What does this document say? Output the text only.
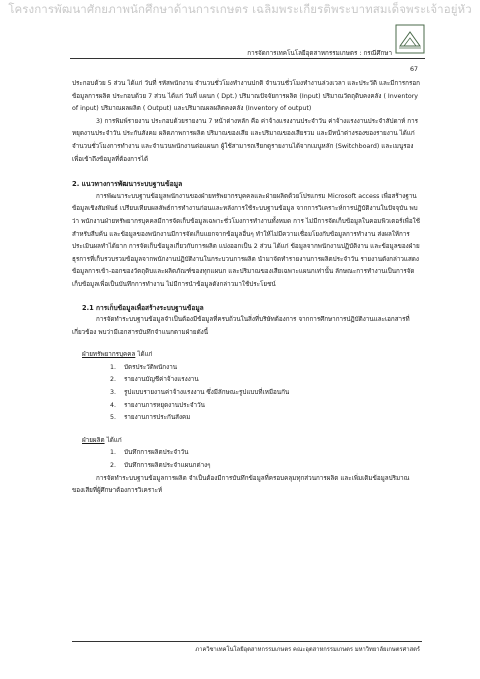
โครงการพัฒนาศักยภาพนักศึกษาด้านการเกษตร เฉลิมพระเกียรติพระบาทสมเด็จพระเจ้าอยู่หัว
การจัดการเทคโนโลยีอุตสาหกรรมเกษตร : กรณีศึกษา
67

ประกอบด้วย 5 ส่วน ได้แก่ วันที่ รหัสพนักงาน จำนวนชั่วโมงทำงานปกติ จำนวนชั่วโมงทำงานล่วงเวลา และประวัติ และมีการกรอกข้อมูลการผลิต ประกอบด้วย 7 ส่วน ได้แก่ วันที่ แผนก ( Dpt.) ปริมาณปัจจัยการผลิต (Input) ปริมาณวัตถุดิบคงคลัง ( Inventory of input) ปริมาณผลผลิต ( Output) และปริมาณผลผลิตคงคลัง (Inventory of output)

3) การพิมพ์รายงาน ประกอบด้วยรายงาน 7 หน้าต่างหลัก คือ ค่าจ้างแรงงานประจำวัน ค่าจ้างแรงงานประจำสัปดาห์ การหยุดงานประจำวัน ประกันสังคม ผลิตภาพการผลิต ปริมาณของเสีย และปริมาณของเสียรวม และมีหน้าต่างรองของรายงาน ได้แก่ จำนวนชั่วโมงการทำงาน และจำนวนพนักงานต่อแผนก ผู้ใช้สามารถเรียกดูรายงานได้จากเมนูหลัก (Switchboard) และเมนูรองเพื่อเข้าถึงข้อมูลที่ต้องการได้

2. แนวทางการพัฒนาระบบฐานข้อมูล

การพัฒนาระบบฐานข้อมูลพนักงานของฝ่ายทรัพยากรบุคคลและฝ่ายผลิตด้วยโปรแกรม Microsoft access เพื่อสร้างฐานข้อมูลเชิงสัมพันธ์ เปรียบเทียบผลลัพธ์การทำงานก่อนและหลังการใช้ระบบฐานข้อมูล จากการวิเคราะห์การปฏิบัติงานในปัจจุบัน พบว่า พนักงานฝ่ายทรัพยากรบุคคลมีการจัดเก็บข้อมูลเฉพาะชั่วโมงการทำงานทั้งหมด การ ไม่มีการจัดเก็บข้อมูลในคอมพิวเตอร์เพื่อใช้สำหรับสืบค้น และข้อมูลของพนักงานมีการจัดเก็บแยกจากข้อมูลอื่นๆ ทำให้ไม่มีความเชื่อมโยงกับข้อมูลการทำงาน ส่งผลให้การประเมินผลทำได้ยาก การจัดเก็บข้อมูลเกี่ยวกับการผลิต แบ่งออกเป็น 2 ส่วน ได้แก่ ข้อมูลจากพนักงานปฏิบัติงาน และข้อมูลของฝ่ายธุรการที่เก็บรวบรวมข้อมูลจากพนักงานปฏิบัติงานในกระบวนการผลิต นำมาจัดทำรายงานการผลิตประจำวัน รายงานดังกล่าวแสดงข้อมูลการเข้า-ออกของวัตถุดิบและผลิตภัณฑ์ของทุกแผนก และปริมาณของเสียเฉพาะแผนกเท่านั้น ลักษณะการทำงานเป็นการจัดเก็บข้อมูลเพื่อเป็นบันทึกการทำงาน ไม่มีการนำข้อมูลดังกล่าวมาใช้ประโยชน์

2.1 การเก็บข้อมูลเพื่อสร้างระบบฐานข้อมูล

การจัดทำระบบฐานข้อมูลจำเป็นต้องมีข้อมูลที่ครบถ้วนในสิ่งที่บริษัทต้องการ จากการศึกษาการปฏิบัติงานและเอกสารที่เกี่ยวข้อง พบว่ามีเอกสารบันทึกจำแนกตามฝ่ายดังนี้

ฝ่ายทรัพยากรบุคคล ได้แก่

1. บัตรประวัติพนักงาน
2. รายงานบัญชีค่าจ้างแรงงาน
3. รูปแบบรายงานค่าจ้างแรงงาน ซึ่งมีลักษณะรูปแบบที่เหมือนกัน
4. รายงานการหยุดงานประจำวัน
5. รายงานการประกันสังคม

ฝ่ายผลิต ได้แก่

1. บันทึกการผลิตประจำวัน
2. บันทึกการผลิตประจำแผนกต่างๆ

การจัดทำระบบฐานข้อมูลการผลิต จำเป็นต้องมีการบันทึกข้อมูลที่ครอบคลุมทุกส่วนการผลิต และเพิ่มเติมข้อมูลปริมาณของเสียที่ผู้ศึกษาต้องการวิเคราะห์

ภาควิชาเทคโนโลยีอุตสาหกรรมเกษตร คณะอุตสาหกรรมเกษตร มหาวิทยาลัยเกษตรศาสตร์
